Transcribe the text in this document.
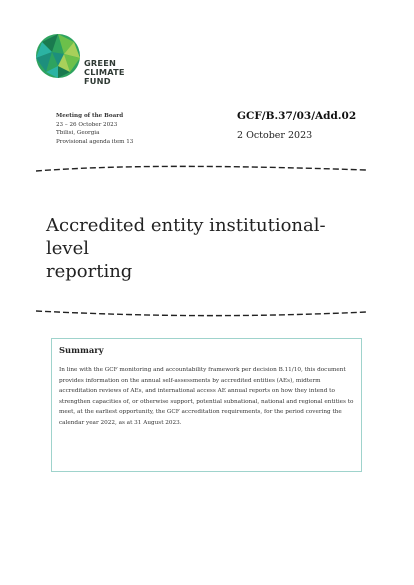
GREEN
CLIMATE
FUND
Meeting of the Board
23 – 26 October 2023
Tbilisi, Georgia
Provisional agenda item 13
GCF/B.37/03/Add.02
2 October 2023
Accredited entity institutional-level
reporting
Summary
In line with the GCF monitoring and accountability framework per decision B.11/10, this document provides information on the annual self-assessments by accredited entities (AEs), midterm accreditation reviews of AEs, and international access AE annual reports on how they intend to strengthen capacities of, or otherwise support, potential subnational, national and regional entities to meet, at the earliest opportunity, the GCF accreditation requirements, for the period covering the calendar year 2022, as at 31 August 2023.
